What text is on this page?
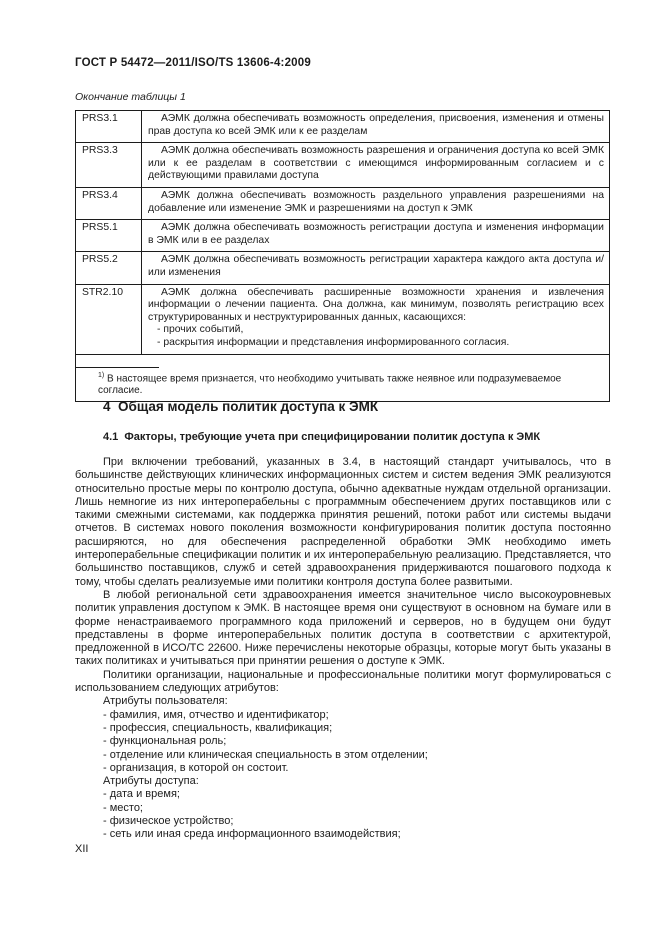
ГОСТ Р 54472—2011/ISO/TS 13606-4:2009
Окончание таблицы 1
PRS3.1	АЭМК должна обеспечивать возможность определения, присвоения, изменения и отмены прав доступа ко всей ЭМК или к ее разделам

PRS3.3	АЭМК должна обеспечивать возможность разрешения и ограничения доступа ко всей ЭМК или к ее разделам в соответствии с имеющимся информированным согласием и с действующими правилами доступа

PRS3.4	АЭМК должна обеспечивать возможность раздельного управления разрешениями на добавление или изменение ЭМК и разрешениями на доступ к ЭМК

PRS5.1	АЭМК должна обеспечивать возможность регистрации доступа и изменения информации в ЭМК или в ее разделах

PRS5.2	АЭМК должна обеспечивать возможность регистрации характера каждого акта доступа и/или изменения

STR2.10	АЭМК должна обеспечивать расширенные возможности хранения и извлечения информации о лечении пациента. Она должна, как минимум, позволять регистрацию всех структурированных и неструктурированных данных, касающихся:
- прочих событий,
- раскрытия информации и представления информированного согласия.

$^{1)}$ В настоящее время признается, что необходимо учитывать также неявное или подразумеваемое согласие.	
4  Общая модель политик доступа к ЭМК
4.1  Факторы, требующие учета при специфицировании политик доступа к ЭМК

При включении требований, указанных в 3.4, в настоящий стандарт учитывалось, что в большинстве действующих клинических информационных систем и систем ведения ЭМК реализуются относительно простые меры по контролю доступа, обычно адекватные нуждам отдельной организации. Лишь немногие из них интероперабельны с программным обеспечением других поставщиков или с такими смежными системами, как поддержка принятия решений, потоки работ или системы выдачи отчетов. В системах нового поколения возможности конфигурирования политик доступа постоянно расширяются, но для обеспечения распределенной обработки ЭМК необходимо иметь интероперабельные спецификации политик и их интероперабельную реализацию. Представляется, что большинство поставщиков, служб и сетей здравоохранения придерживаются пошагового подхода к тому, чтобы сделать реализуемые ими политики контроля доступа более развитыми.

В любой региональной сети здравоохранения имеется значительное число высокоуровневых политик управления доступом к ЭМК. В настоящее время они существуют в основном на бумаге или в форме ненастраиваемого программного кода приложений и серверов, но в будущем они будут представлены в форме интероперабельных политик доступа в соответствии с архитектурой, предложенной в ИСО/ТС 22600. Ниже перечислены некоторые образцы, которые могут быть указаны в таких политиках и учитываться при принятии решения о доступе к ЭМК.

Политики организации, национальные и профессиональные политики могут формулироваться с использованием следующих атрибутов:

Атрибуты пользователя:
- фамилия, имя, отчество и идентификатор;
- профессия, специальность, квалификация;
- функциональная роль;
- отделение или клиническая специальность в этом отделении;
- организация, в которой он состоит.
Атрибуты доступа:
- дата и время;
- место;
- физическое устройство;
- сеть или иная среда информационного взаимодействия;
XII
